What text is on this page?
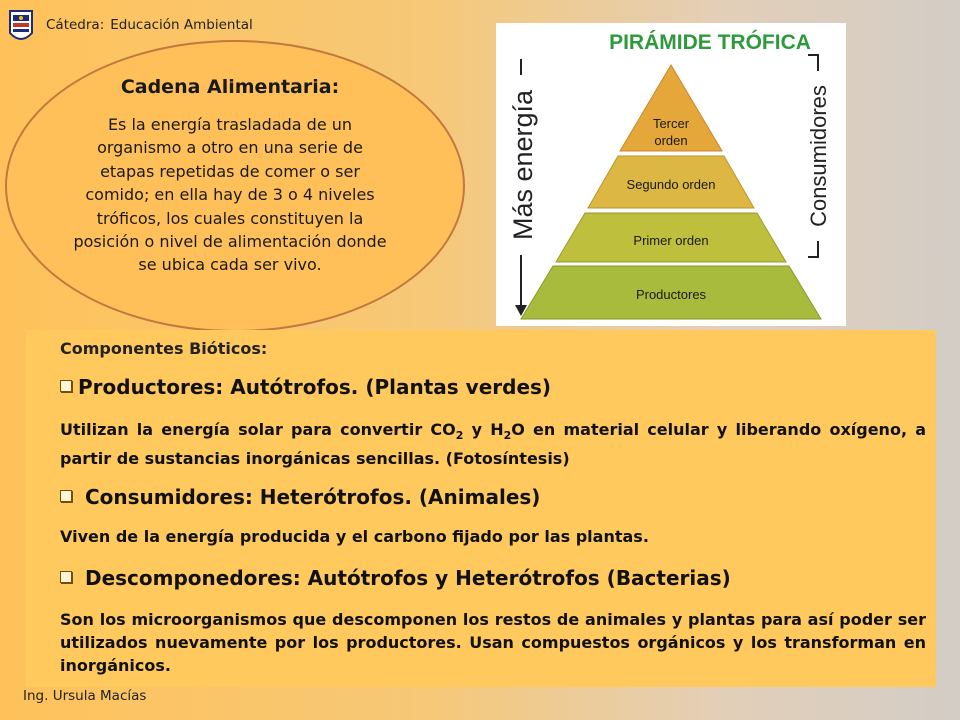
Cátedra: Educación Ambiental
Cadena Alimentaria:
Es la energía trasladada de un
organismo a otro en una serie de
etapas repetidas de comer o ser
comido; en ella hay de 3 o 4 niveles
tróficos, los cuales constituyen la
posición o nivel de alimentación donde
se ubica cada ser vivo.
PIRÁMIDE TRÓFICA
Más energía	Consumidores
Tercer
orden
Segundo orden
Primer orden
Productores
Componentes Bióticos:
Productores: Autótrofos. (Plantas verdes)
Utilizan la energía solar para convertir $CO_2$ y $H_2O$ en material celular y liberando oxígeno, a partir de sustancias inorgánicas sencillas. (Fotosíntesis)
Consumidores: Heterótrofos. (Animales)
Viven de la energía producida y el carbono fijado por las plantas.
Descomponedores: Autótrofos y Heterótrofos (Bacterias)
Son los microorganismos que descomponen los restos de animales y plantas para así poder ser utilizados nuevamente por los productores. Usan compuestos orgánicos y los transforman en inorgánicos.
Ing. Ursula Macías
